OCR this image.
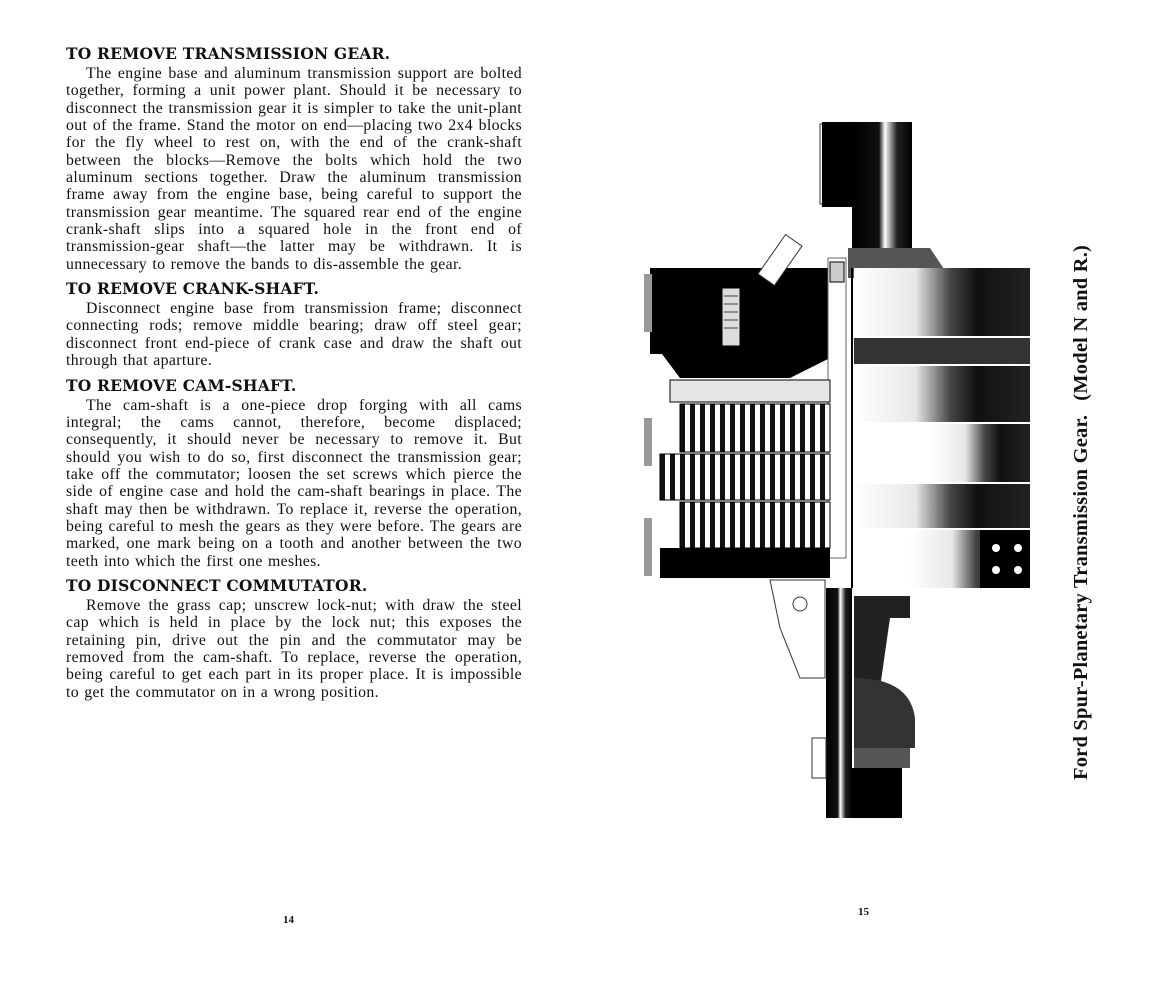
TO REMOVE TRANSMISSION GEAR.

The engine base and aluminum transmission support are bolted together, forming a unit power plant. Should it be necessary to disconnect the transmission gear it is simpler to take the unit-plant out of the frame. Stand the motor on end—placing two 2x4 blocks for the fly wheel to rest on, with the end of the crank-shaft between the blocks—Remove the bolts which hold the two aluminum sections together. Draw the aluminum transmission frame away from the engine base, being careful to support the transmission gear meantime. The squared rear end of the engine crank-shaft slips into a squared hole in the front end of transmission-gear shaft—the latter may be withdrawn. It is unnecessary to remove the bands to dis-assemble the gear.

TO REMOVE CRANK-SHAFT.

Disconnect engine base from transmission frame; disconnect connecting rods; remove middle bearing; draw off steel gear; disconnect front end-piece of crank case and draw the shaft out through that aparture.

TO REMOVE CAM-SHAFT.

The cam-shaft is a one-piece drop forging with all cams integral; the cams cannot, therefore, become displaced; consequently, it should never be necessary to remove it. But should you wish to do so, first disconnect the transmission gear; take off the commutator; loosen the set screws which pierce the side of engine case and hold the cam-shaft bearings in place. The shaft may then be withdrawn. To replace it, reverse the operation, being careful to mesh the gears as they were before. The gears are marked, one mark being on a tooth and another between the two teeth into which the first one meshes.

TO DISCONNECT COMMUTATOR.

Remove the grass cap; unscrew lock-nut; with draw the steel cap which is held in place by the lock nut; this exposes the retaining pin, drive out the pin and the commutator may be removed from the cam-shaft. To replace, reverse the operation, being careful to get each part in its proper place. It is impossible to get the commutator on in a wrong position.

14
Ford Spur-Planetary Transmission Gear.(Model N and R.)
15
